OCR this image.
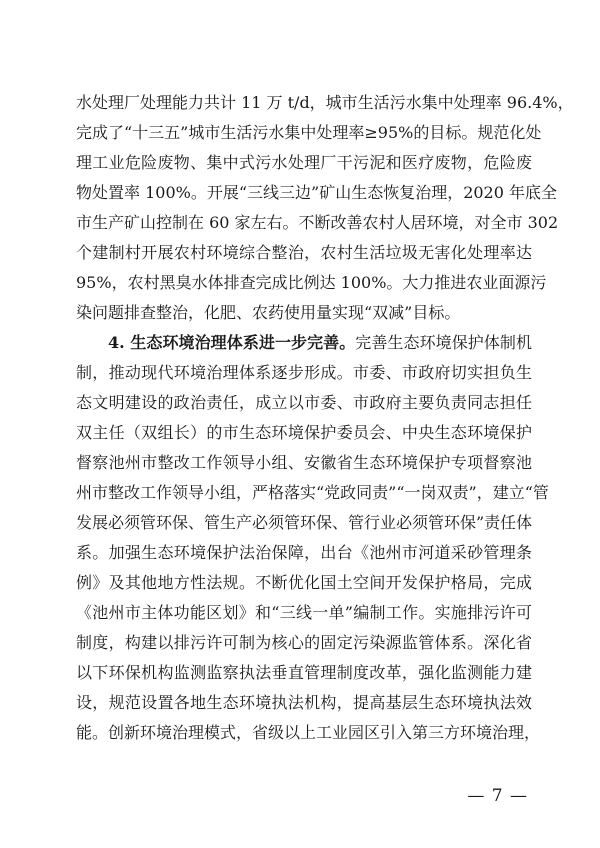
水处理厂处理能力共计 11 万 t/d，城市生活污水集中处理率 96.4%，
完成了“十三五”城市生活污水集中处理率≥95%的目标。规范化处
理工业危险废物、集中式污水处理厂干污泥和医疗废物，危险废
物处置率 100%。开展“三线三边”矿山生态恢复治理，2020 年底全
市生产矿山控制在 60 家左右。不断改善农村人居环境，对全市 302
个建制村开展农村环境综合整治，农村生活垃圾无害化处理率达
95%，农村黑臭水体排查完成比例达 100%。大力推进农业面源污
染问题排查整治，化肥、农药使用量实现“双减”目标。
4. 生态环境治理体系进一步完善。完善生态环境保护体制机
制，推动现代环境治理体系逐步形成。市委、市政府切实担负生
态文明建设的政治责任，成立以市委、市政府主要负责同志担任
双主任（双组长）的市生态环境保护委员会、中央生态环境保护
督察池州市整改工作领导小组、安徽省生态环境保护专项督察池
州市整改工作领导小组，严格落实“党政同责”“一岗双责”，建立“管
发展必须管环保、管生产必须管环保、管行业必须管环保”责任体
系。加强生态环境保护法治保障，出台《池州市河道采砂管理条
例》及其他地方性法规。不断优化国土空间开发保护格局，完成
《池州市主体功能区划》和“三线一单”编制工作。实施排污许可
制度，构建以排污许可制为核心的固定污染源监管体系。深化省
以下环保机构监测监察执法垂直管理制度改革，强化监测能力建
设，规范设置各地生态环境执法机构，提高基层生态环境执法效
能。创新环境治理模式，省级以上工业园区引入第三方环境治理，
— 7 —
